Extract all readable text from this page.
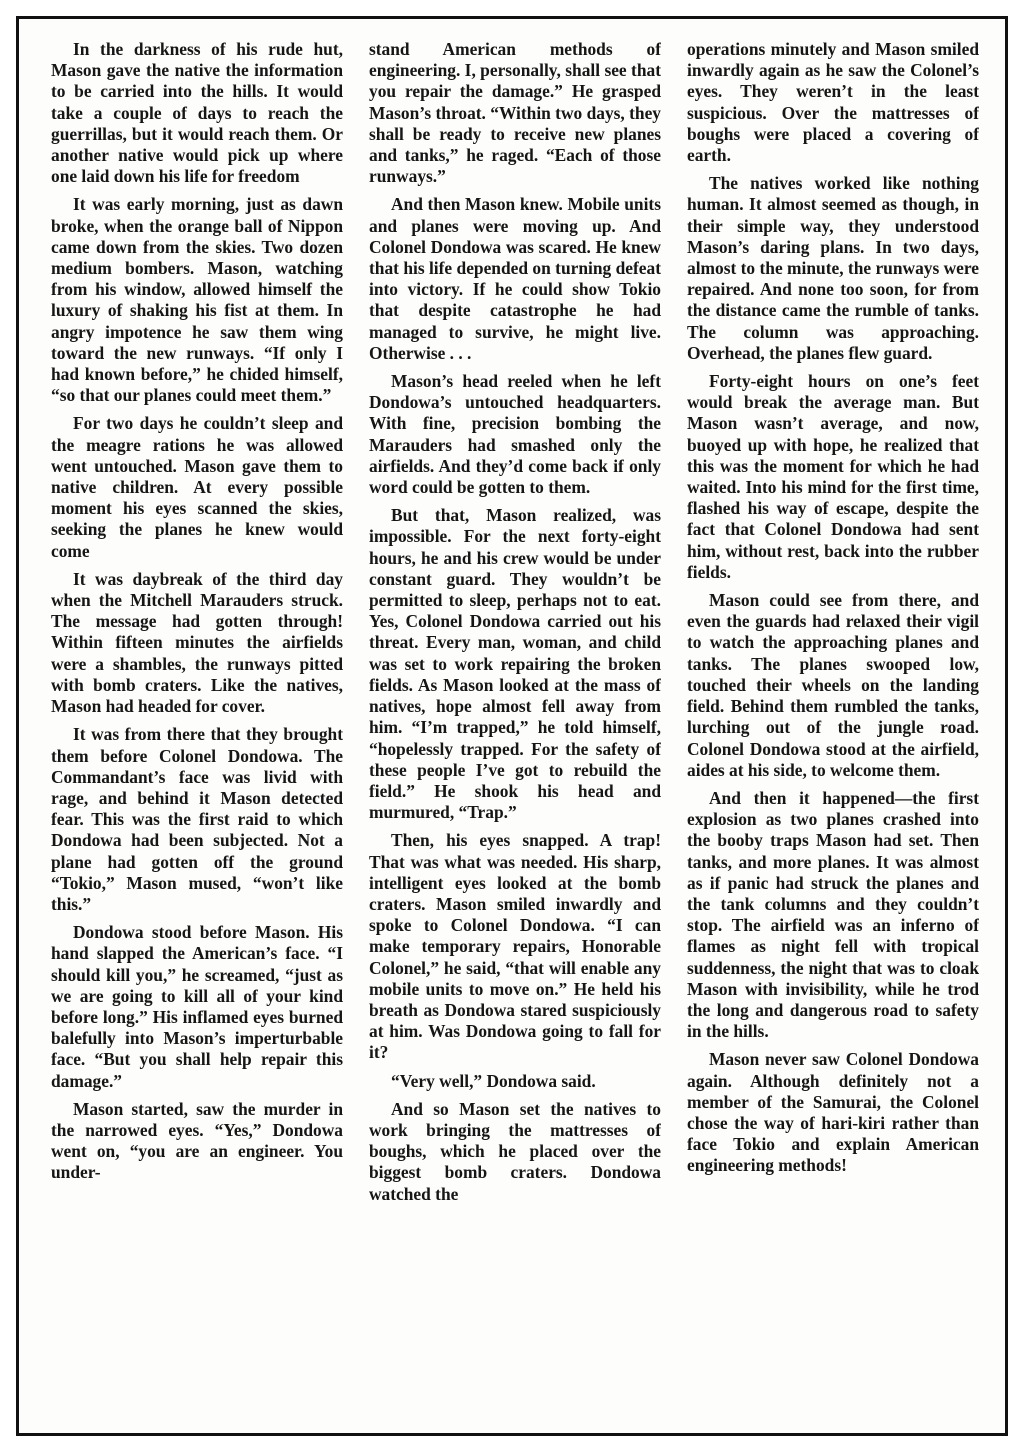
In the darkness of his rude hut, Mason gave the native the information to be carried into the hills. It would take a couple of days to reach the guerrillas, but it would reach them. Or another native would pick up where one laid down his life for freedom

It was early morning, just as dawn broke, when the orange ball of Nippon came down from the skies. Two dozen medium bombers. Mason, watching from his window, allowed himself the luxury of shaking his fist at them. In angry impotence he saw them wing toward the new runways. “If only I had known before,” he chided himself, “so that our planes could meet them.”

For two days he couldn’t sleep and the meagre rations he was allowed went untouched. Mason gave them to native children. At every possible moment his eyes scanned the skies, seeking the planes he knew would come

It was daybreak of the third day when the Mitchell Marauders struck. The message had gotten through! Within fifteen minutes the airfields were a shambles, the runways pitted with bomb craters. Like the natives, Mason had headed for cover.

It was from there that they brought them before Colonel Dondowa. The Commandant’s face was livid with rage, and behind it Mason detected fear. This was the first raid to which Dondowa had been subjected. Not a plane had gotten off the ground “Tokio,” Mason mused, “won’t like this.”

Dondowa stood before Mason. His hand slapped the American’s face. “I should kill you,” he screamed, “just as we are going to kill all of your kind before long.” His inflamed eyes burned balefully into Mason’s imperturbable face. “But you shall help repair this damage.”

Mason started, saw the murder in the narrowed eyes. “Yes,” Dondowa went on, “you are an engineer. You under-

stand American methods of engineering. I, personally, shall see that you repair the damage.” He grasped Mason’s throat. “Within two days, they shall be ready to receive new planes and tanks,” he raged. “Each of those runways.”

And then Mason knew. Mobile units and planes were moving up. And Colonel Dondowa was scared. He knew that his life depended on turning defeat into victory. If he could show Tokio that despite catastrophe he had managed to survive, he might live. Otherwise . . .

Mason’s head reeled when he left Dondowa’s untouched headquarters. With fine, precision bombing the Marauders had smashed only the airfields. And they’d come back if only word could be gotten to them.

But that, Mason realized, was impossible. For the next forty-eight hours, he and his crew would be under constant guard. They wouldn’t be permitted to sleep, perhaps not to eat. Yes, Colonel Dondowa carried out his threat. Every man, woman, and child was set to work repairing the broken fields. As Mason looked at the mass of natives, hope almost fell away from him. “I’m trapped,” he told himself, “hopelessly trapped. For the safety of these people I’ve got to rebuild the field.” He shook his head and murmured, “Trap.”

Then, his eyes snapped. A trap! That was what was needed. His sharp, intelligent eyes looked at the bomb craters. Mason smiled inwardly and spoke to Colonel Dondowa. “I can make temporary repairs, Honorable Colonel,” he said, “that will enable any mobile units to move on.” He held his breath as Dondowa stared suspiciously at him. Was Dondowa going to fall for it?

“Very well,” Dondowa said.

And so Mason set the natives to work bringing the mattresses of boughs, which he placed over the biggest bomb craters. Dondowa watched the

operations minutely and Mason smiled inwardly again as he saw the Colonel’s eyes. They weren’t in the least suspicious. Over the mattresses of boughs were placed a covering of earth.

The natives worked like nothing human. It almost seemed as though, in their simple way, they understood Mason’s daring plans. In two days, almost to the minute, the runways were repaired. And none too soon, for from the distance came the rumble of tanks. The column was approaching. Overhead, the planes flew guard.

Forty-eight hours on one’s feet would break the average man. But Mason wasn’t average, and now, buoyed up with hope, he realized that this was the moment for which he had waited. Into his mind for the first time, flashed his way of escape, despite the fact that Colonel Dondowa had sent him, without rest, back into the rubber fields.

Mason could see from there, and even the guards had relaxed their vigil to watch the approaching planes and tanks. The planes swooped low, touched their wheels on the landing field. Behind them rumbled the tanks, lurching out of the jungle road. Colonel Dondowa stood at the airfield, aides at his side, to welcome them.

And then it happened—the first explosion as two planes crashed into the booby traps Mason had set. Then tanks, and more planes. It was almost as if panic had struck the planes and the tank columns and they couldn’t stop. The airfield was an inferno of flames as night fell with tropical suddenness, the night that was to cloak Mason with invisibility, while he trod the long and dangerous road to safety in the hills.

Mason never saw Colonel Dondowa again. Although definitely not a member of the Samurai, the Colonel chose the way of hari-kiri rather than face Tokio and explain American engineering methods!
